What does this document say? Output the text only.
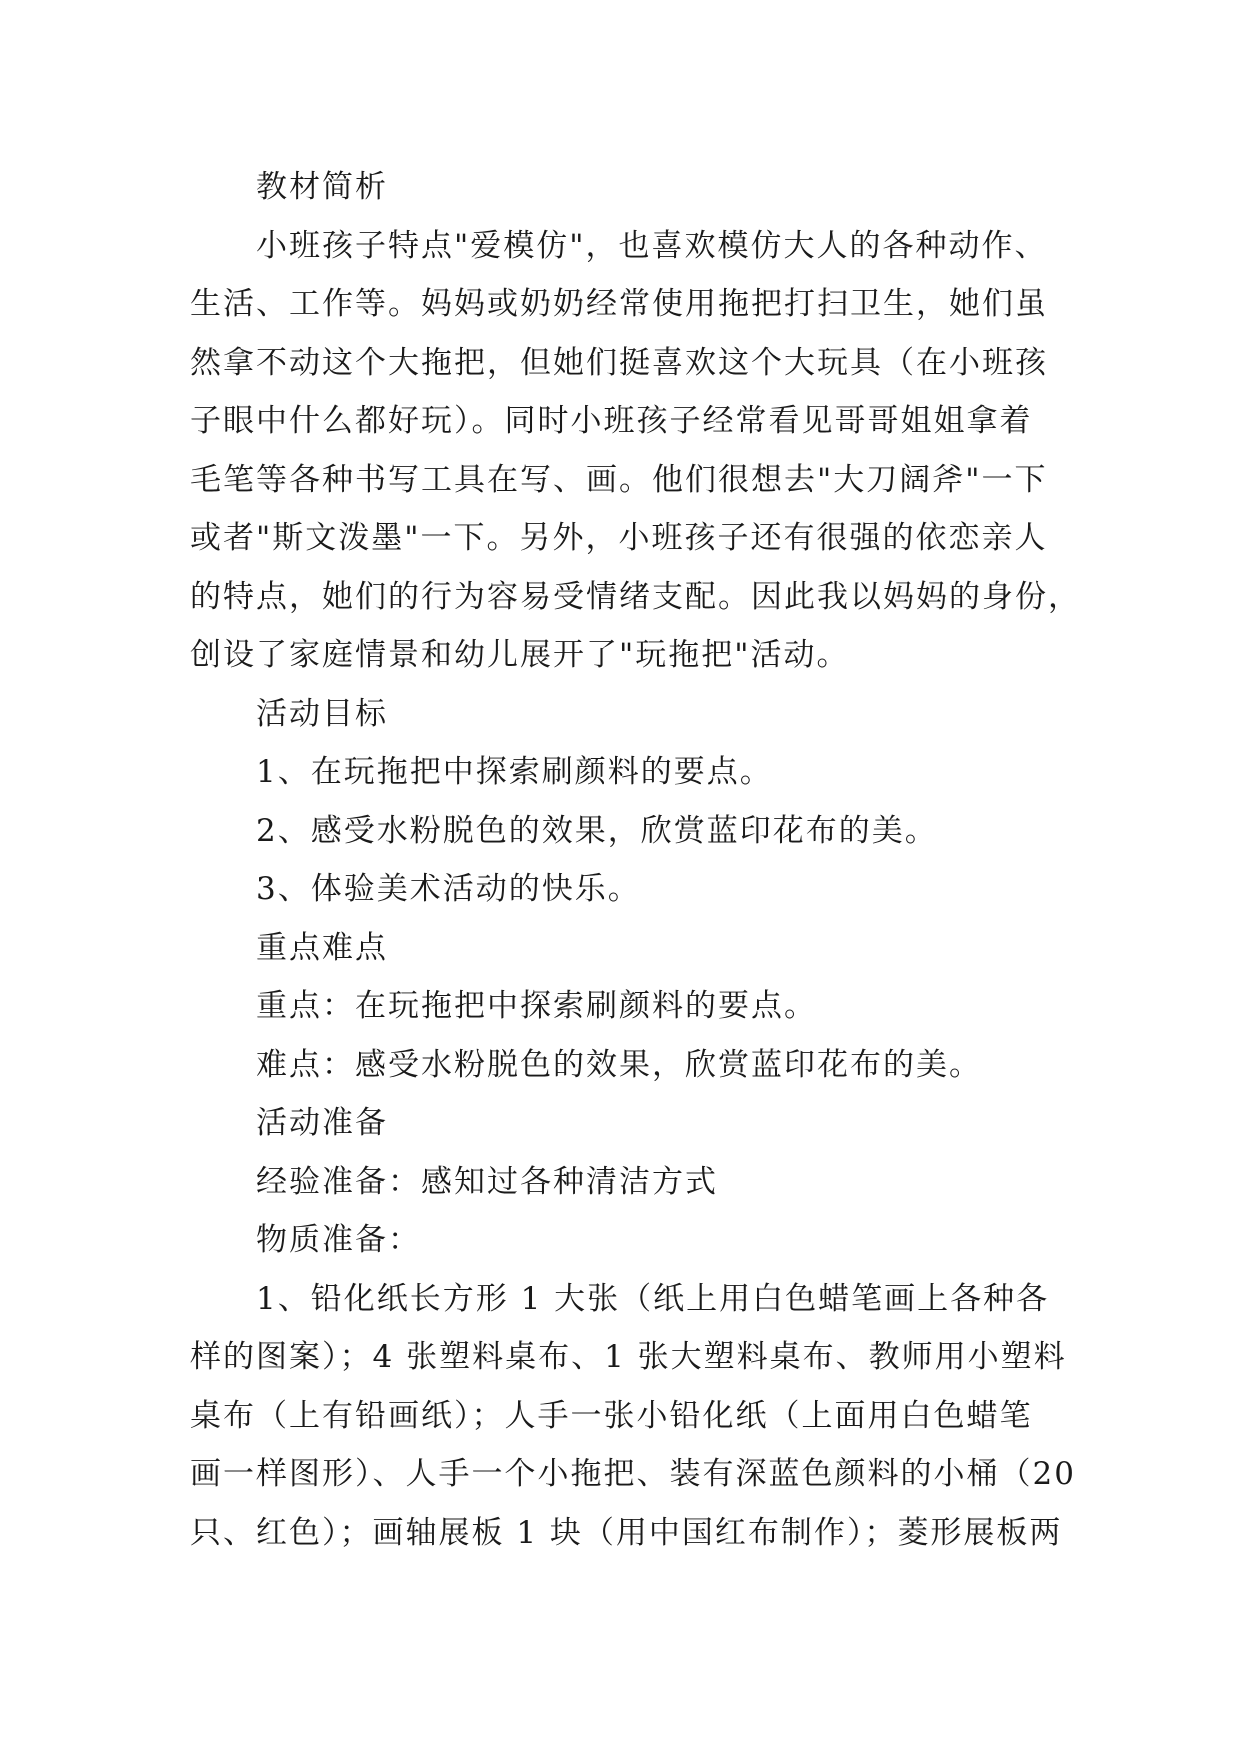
教材简析
小班孩子特点"爱模仿"，也喜欢模仿大人的各种动作、
生活、工作等。妈妈或奶奶经常使用拖把打扫卫生，她们虽
然拿不动这个大拖把，但她们挺喜欢这个大玩具（在小班孩
子眼中什么都好玩）。同时小班孩子经常看见哥哥姐姐拿着
毛笔等各种书写工具在写、画。他们很想去"大刀阔斧"一下
或者"斯文泼墨"一下。另外，小班孩子还有很强的依恋亲人
的特点，她们的行为容易受情绪支配。因此我以妈妈的身份，
创设了家庭情景和幼儿展开了"玩拖把"活动。
活动目标
1、在玩拖把中探索刷颜料的要点。
2、感受水粉脱色的效果，欣赏蓝印花布的美。
3、体验美术活动的快乐。
重点难点
重点：在玩拖把中探索刷颜料的要点。
难点：感受水粉脱色的效果，欣赏蓝印花布的美。
活动准备
经验准备：感知过各种清洁方式
物质准备：
1、铅化纸长方形 1 大张（纸上用白色蜡笔画上各种各
样的图案）；4 张塑料桌布、1 张大塑料桌布、教师用小塑料
桌布（上有铅画纸）；人手一张小铅化纸（上面用白色蜡笔
画一样图形）、人手一个小拖把、装有深蓝色颜料的小桶（20
只、红色）；画轴展板 1 块（用中国红布制作）；菱形展板两
